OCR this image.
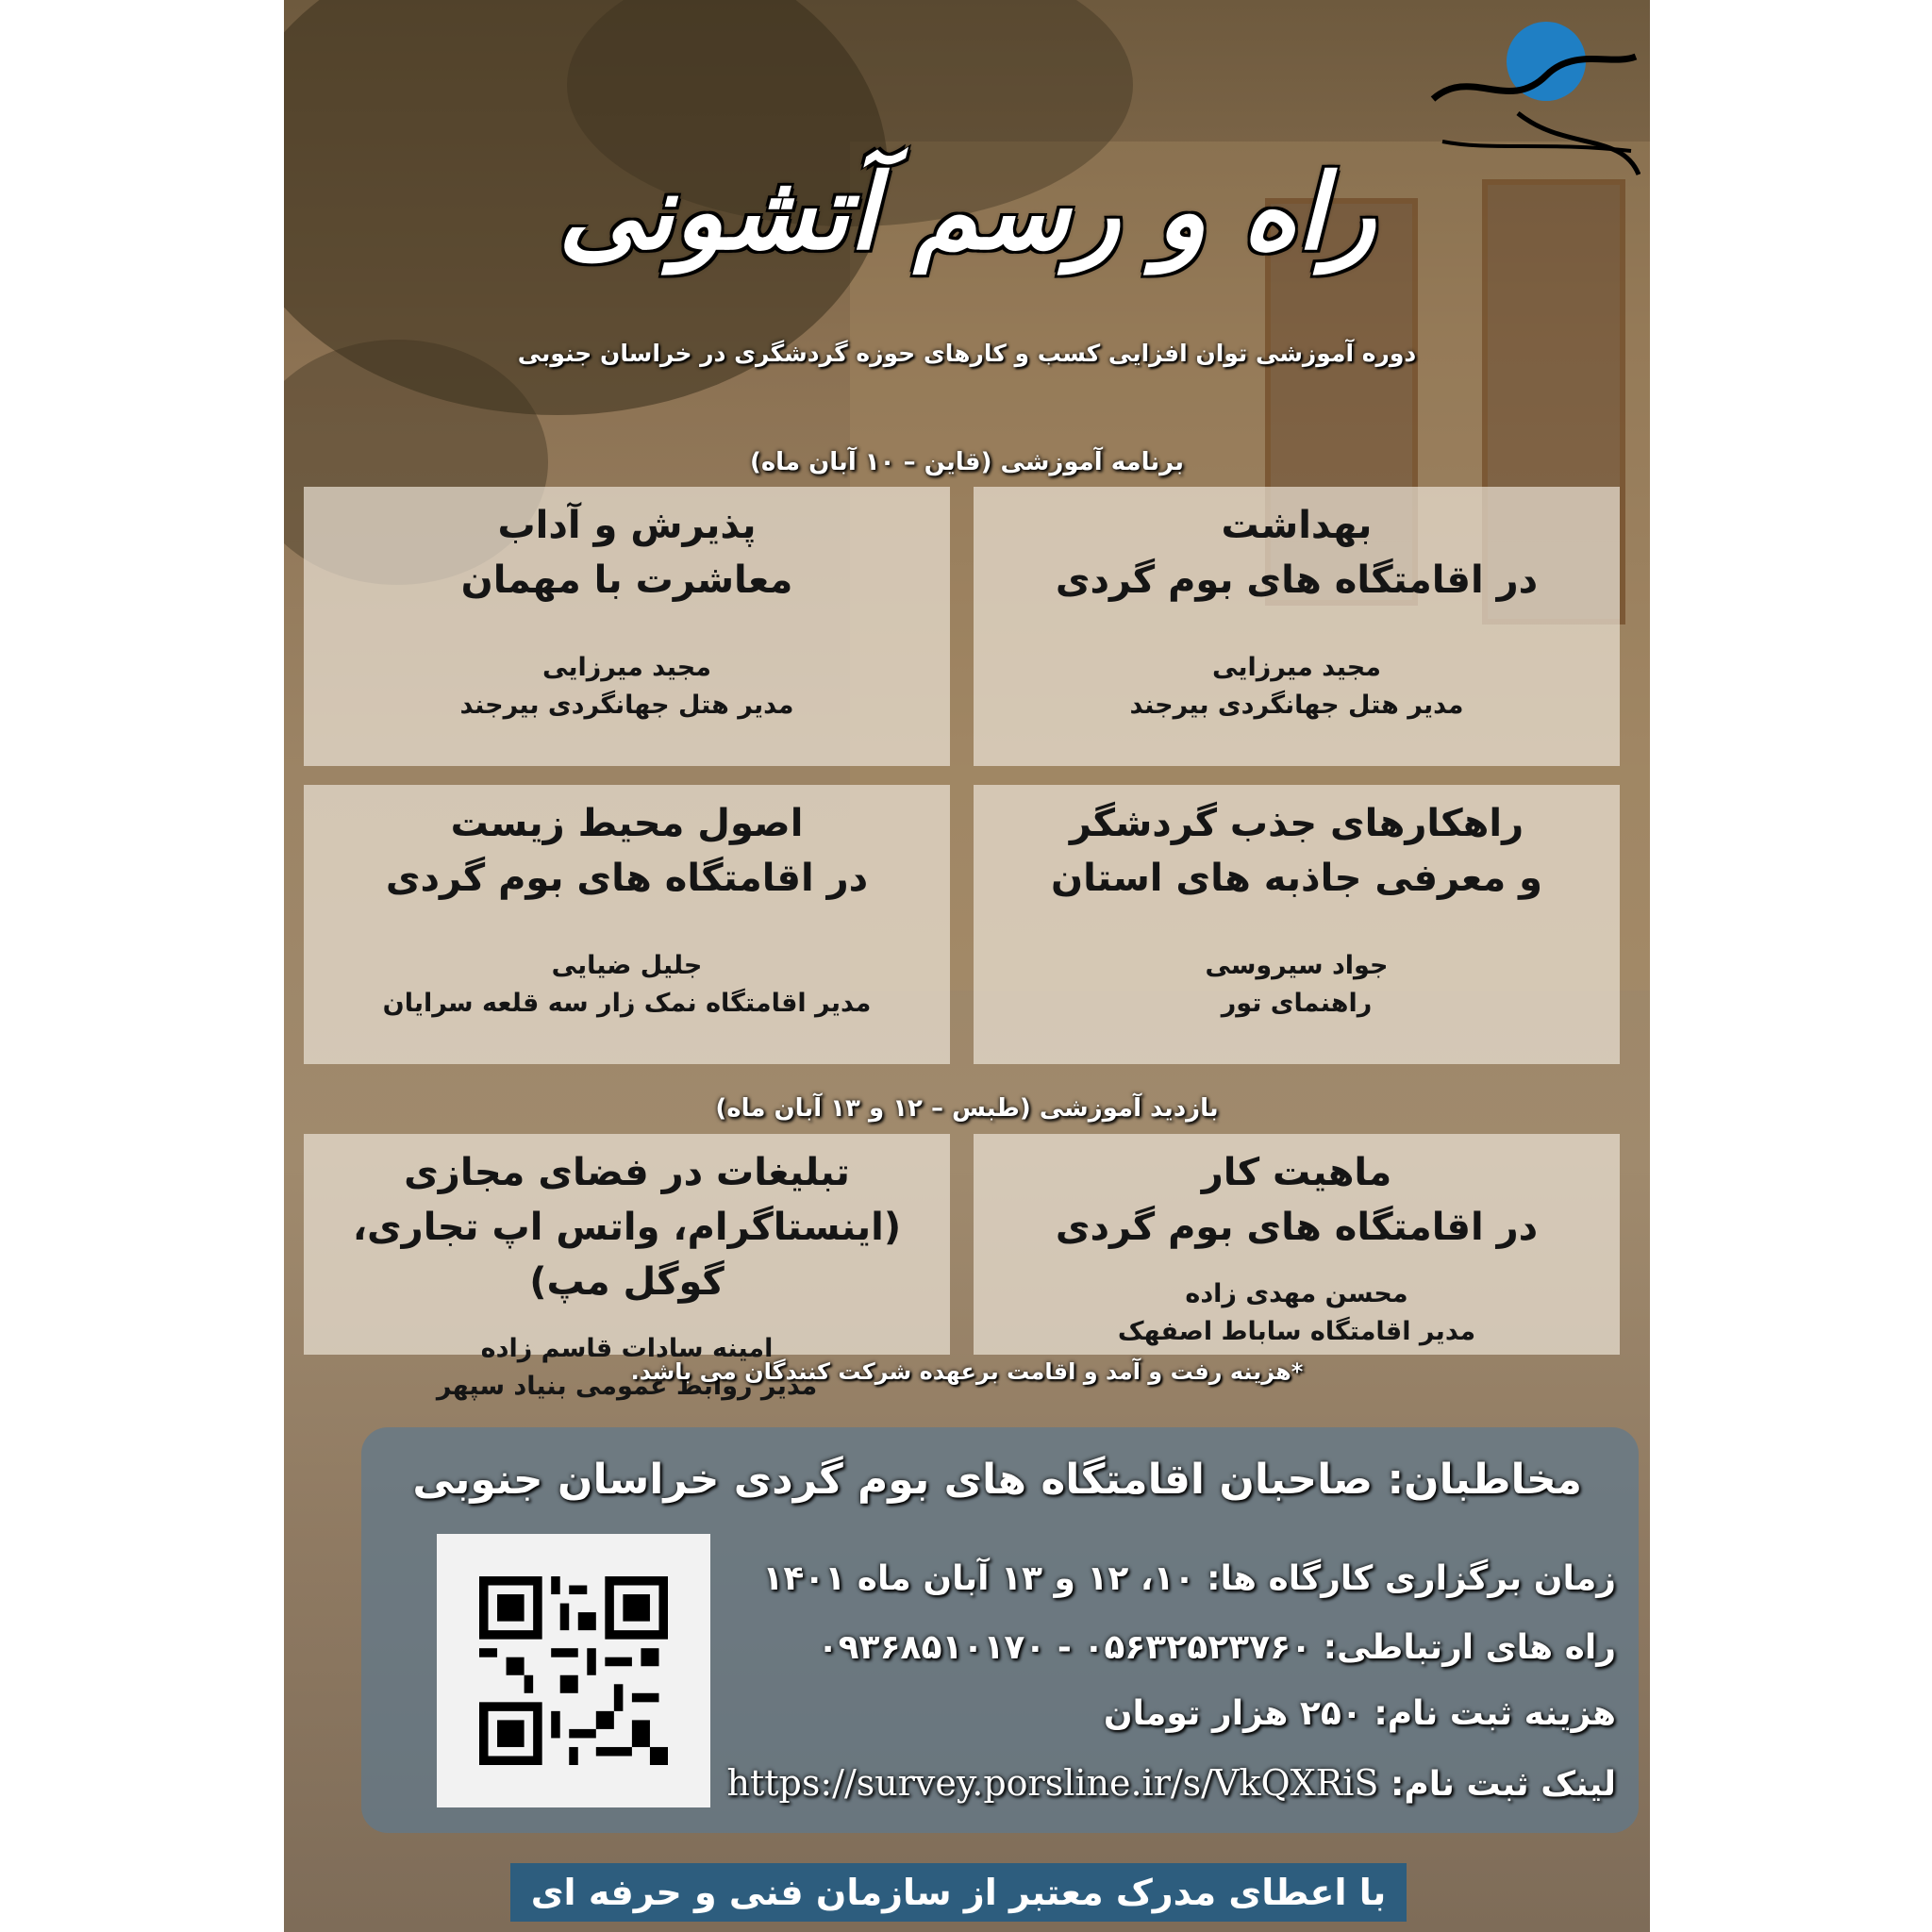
راه و رسم آتشونی
دوره آموزشی توان افزایی کسب و کارهای حوزه گردشگری در خراسان جنوبی
برنامه آموزشی (قاین – ۱۰ آبان ماه)
بهداشت
در اقامتگاه های بوم گردی
مجید میرزایی
مدیر هتل جهانگردی بیرجند
پذیرش و آداب
معاشرت با مهمان
مجید میرزایی
مدیر هتل جهانگردی بیرجند
راهکارهای جذب گردشگر
و معرفی جاذبه های استان
جواد سیروسی
راهنمای تور
اصول محیط زیست
در اقامتگاه های بوم گردی
جلیل ضیایی
مدیر اقامتگاه نمک زار سه قلعه سرایان
بازدید آموزشی (طبس – ۱۲ و ۱۳ آبان ماه)
ماهیت کار
در اقامتگاه های بوم گردی
محسن مهدی زاده
مدیر اقامتگاه ساباط اصفهک
تبلیغات در فضای مجازی
(اینستاگرام، واتس اپ تجاری، گوگل مپ)
امینه سادات قاسم زاده
مدیر روابط عمومی بنیاد سپهر
*هزینه رفت و آمد و اقامت برعهده شرکت کنندگان می باشد.
مخاطبان: صاحبان اقامتگاه های بوم گردی خراسان جنوبی
زمان برگزاری کارگاه ها: ۱۰، ۱۲ و ۱۳ آبان ماه ۱۴۰۱
راه های ارتباطی: ۰۹۳۶۸۵۱۰۱۷۰ - ۰۵۶۳۲۵۲۳۷۶۰
هزینه ثبت نام: ۲۵۰ هزار تومان
لینک ثبت نام: https://survey.porsline.ir/s/VkQXRiS
با اعطای مدرک معتبر از سازمان فنی و حرفه ای
